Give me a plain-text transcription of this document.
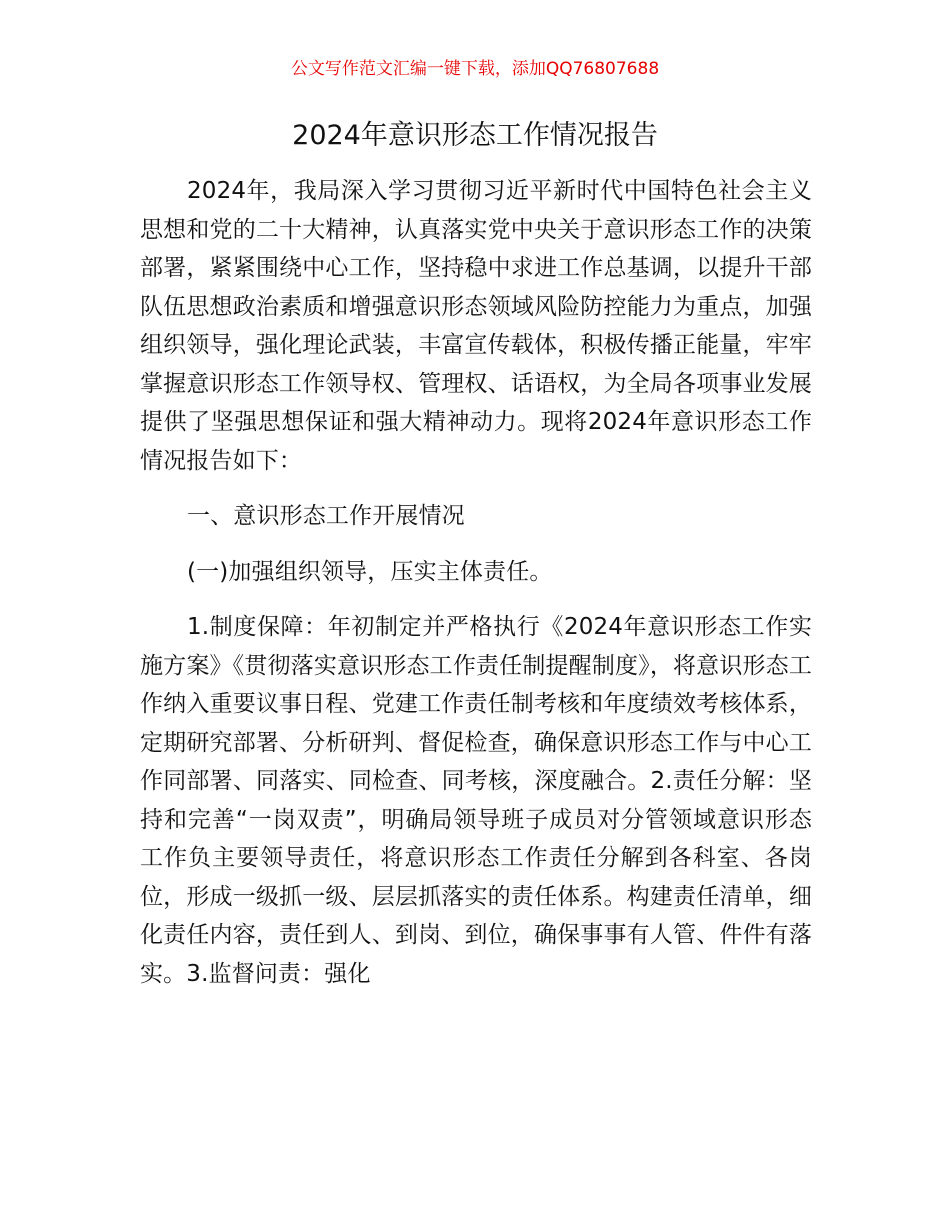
公文写作范文汇编一键下载，添加QQ76807688
2024年意识形态工作情况报告

2024年，我局深入学习贯彻习近平新时代中国特色社会主义思想和党的二十大精神，认真落实党中央关于意识形态工作的决策部署，紧紧围绕中心工作，坚持稳中求进工作总基调，以提升干部队伍思想政治素质和增强意识形态领域风险防控能力为重点，加强组织领导，强化理论武装，丰富宣传载体，积极传播正能量，牢牢掌握意识形态工作领导权、管理权、话语权，为全局各项事业发展提供了坚强思想保证和强大精神动力。现将2024年意识形态工作情况报告如下：

一、意识形态工作开展情况

(一)加强组织领导，压实主体责任。

1.制度保障：年初制定并严格执行《2024年意识形态工作实施方案》《贯彻落实意识形态工作责任制提醒制度》，将意识形态工作纳入重要议事日程、党建工作责任制考核和年度绩效考核体系，定期研究部署、分析研判、督促检查，确保意识形态工作与中心工作同部署、同落实、同检查、同考核，深度融合。2.责任分解：坚持和完善“一岗双责”，明确局领导班子成员对分管领域意识形态工作负主要领导责任，将意识形态工作责任分解到各科室、各岗位，形成一级抓一级、层层抓落实的责任体系。构建责任清单，细化责任内容，责任到人、到岗、到位，确保事事有人管、件件有落实。3.监督问责：强化
